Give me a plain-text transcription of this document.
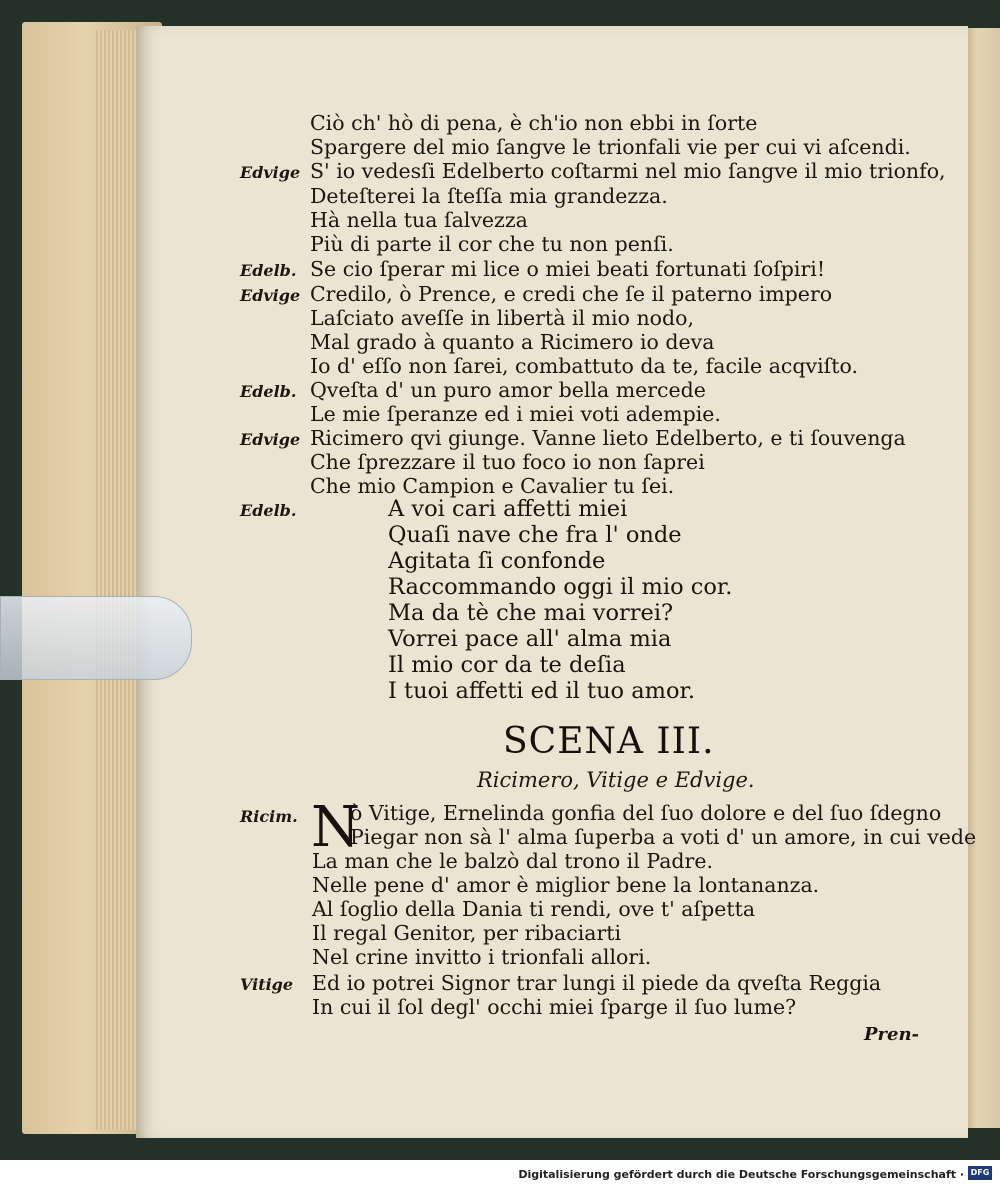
Ciò ch' hò di pena, è ch'io non ebbi in ſorte
Spargere del mio ſangve le trionfali vie per cui vi aſcendi.
Edvige S' io vedesſi Edelberto coſtarmi nel mio ſangve il mio trionfo,
Deteſterei la ſteſſa mia grandezza.
Hà nella tua ſalvezza
Più di parte il cor che tu non penſi.
Edelb. Se cio ſperar mi lice o miei beati fortunati ſoſpiri!
Edvige Credilo, ò Prence, e credi che ſe il paterno impero
Laſciato aveſſe in libertà il mio nodo,
Mal grado à quanto a Ricimero io deva
Io d' eſſo non ſarei, combattuto da te, facile acqviſto.
Edelb. Qveſta d' un puro amor bella mercede
Le mie ſperanze ed i miei voti adempie.
Edvige Ricimero qvi giunge. Vanne lieto Edelberto, e ti ſouvenga
Che ſprezzare il tuo foco io non ſaprei
Che mio Campion e Cavalier tu ſei.
Edelb.	A voi cari affetti miei
Quaſi nave che fra l' onde
Agitata ſi confonde
Raccommando oggi il mio cor.
Ma da tè che mai vorrei?
Vorrei pace all' alma mia
Il mio cor da te deſia
I tuoi affetti ed il tuo amor.
Ricim.	ò Vitige, Ernelinda gonfia del ſuo dolore e del ſuo ſdegno
Piegar non sà l' alma ſuperba a voti d' un amore, in cui vede
La man che le balzò dal trono il Padre.
Nelle pene d' amor è miglior bene la lontananza.
Al ſoglio della Dania ti rendi, ove t' aſpetta
Il regal Genitor, per ribaciarti
Nel crine invitto i trionfali allori.
Vitige Ed io potrei Signor trar lungi il piede da qveſta Reggia
In cui il ſol degl' occhi miei ſparge il ſuo lume?
SCENA III.
Ricimero, Vitige e Edvige.
N
Pren-
Digitalisierung gefördert durch die Deutsche Forschungsgemeinschaft · DFG
